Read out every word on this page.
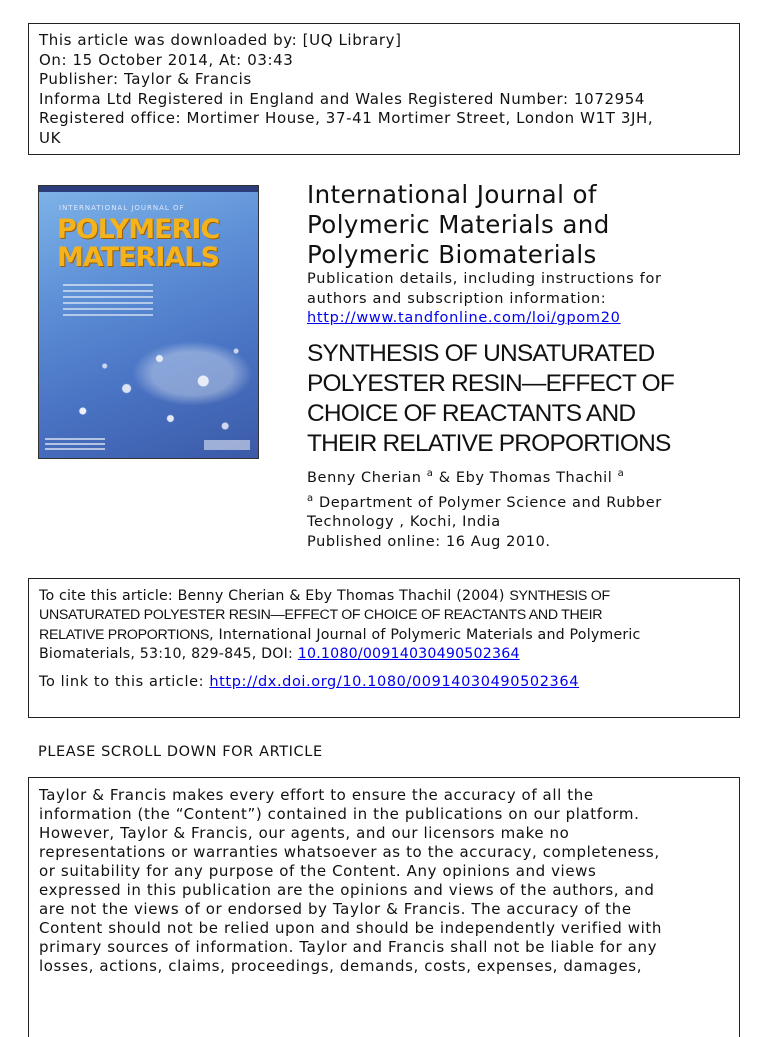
This article was downloaded by: [UQ Library]
On: 15 October 2014, At: 03:43
Publisher: Taylor & Francis
Informa Ltd Registered in England and Wales Registered Number: 1072954
Registered office: Mortimer House, 37-41 Mortimer Street, London W1T 3JH,
UK
INTERNATIONAL JOURNAL OF
POLYMERIC
MATERIALS
International Journal of
Polymeric Materials and
Polymeric Biomaterials
Publication details, including instructions for
authors and subscription information:
http://www.tandfonline.com/loi/gpom20
SYNTHESIS OF UNSATURATED
POLYESTER RESIN—EFFECT OF
CHOICE OF REACTANTS AND
THEIR RELATIVE PROPORTIONS
Benny Cherian $^a$ & Eby Thomas Thachil $^a$
$^a$ Department of Polymer Science and Rubber
Technology , Kochi, India
Published online: 16 Aug 2010.
To cite this article: Benny Cherian & Eby Thomas Thachil (2004) SYNTHESIS OF
UNSATURATED POLYESTER RESIN—EFFECT OF CHOICE OF REACTANTS AND THEIR
RELATIVE PROPORTIONS, International Journal of Polymeric Materials and Polymeric
Biomaterials, 53:10, 829-845, DOI: 10.1080/00914030490502364
To link to this article: http://dx.doi.org/10.1080/00914030490502364
PLEASE SCROLL DOWN FOR ARTICLE
Taylor & Francis makes every effort to ensure the accuracy of all the
information (the “Content”) contained in the publications on our platform.
However, Taylor & Francis, our agents, and our licensors make no
representations or warranties whatsoever as to the accuracy, completeness,
or suitability for any purpose of the Content. Any opinions and views
expressed in this publication are the opinions and views of the authors, and
are not the views of or endorsed by Taylor & Francis. The accuracy of the
Content should not be relied upon and should be independently verified with
primary sources of information. Taylor and Francis shall not be liable for any
losses, actions, claims, proceedings, demands, costs, expenses, damages,
